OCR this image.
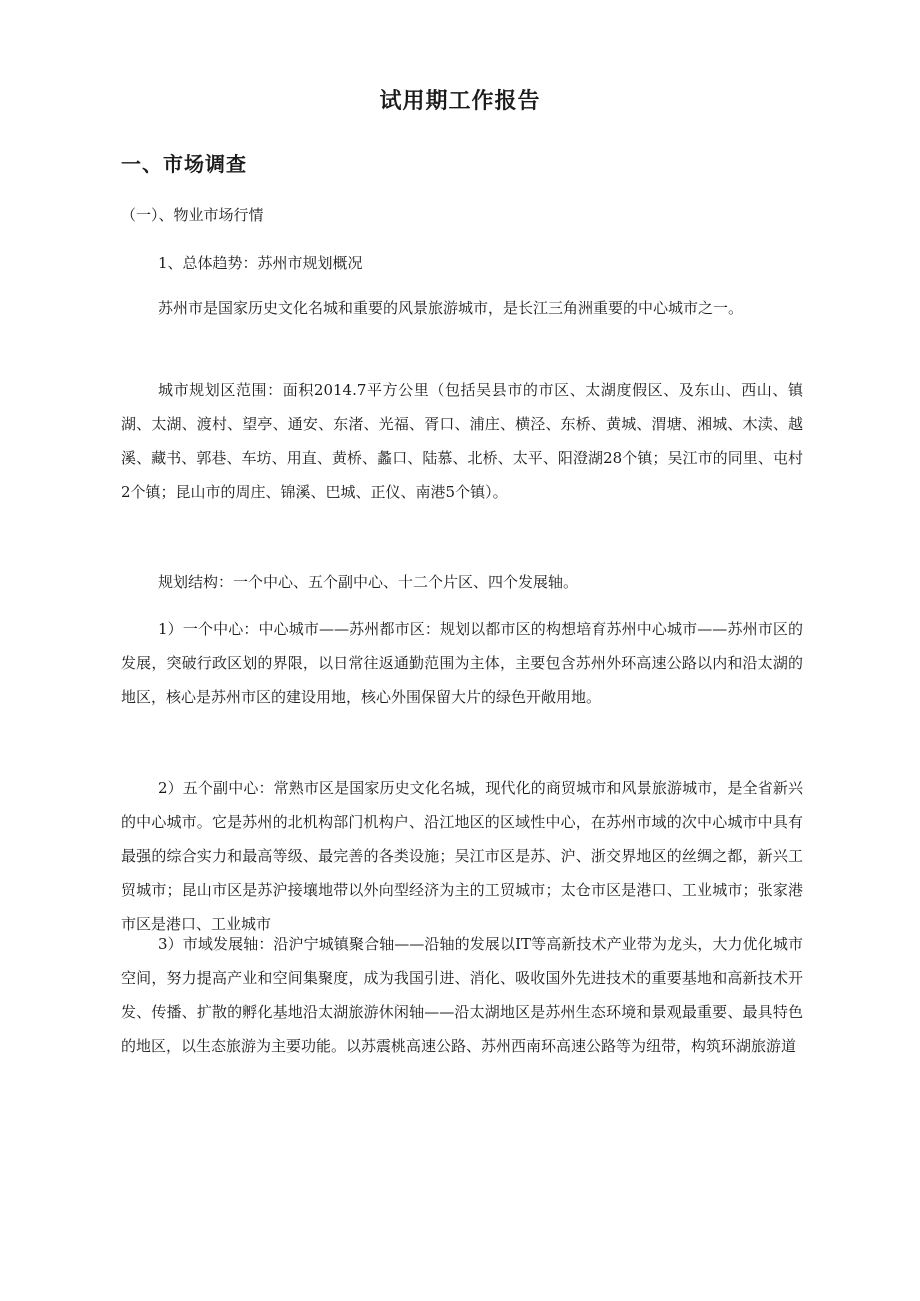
试用期工作报告
一、市场调查

（一）、物业市场行情

1、总体趋势：苏州市规划概况

苏州市是国家历史文化名城和重要的风景旅游城市，是长江三角洲重要的中心城市之一。

城市规划区范围：面积2014.7平方公里（包括吴县市的市区、太湖度假区、及东山、西山、镇湖、太湖、渡村、望亭、通安、东渚、光福、胥口、浦庄、横泾、东桥、黄城、渭塘、湘城、木渎、越溪、藏书、郭巷、车坊、用直、黄桥、蠡口、陆慕、北桥、太平、阳澄湖28个镇；吴江市的同里、屯村2个镇；昆山市的周庄、锦溪、巴城、正仪、南港5个镇）。

规划结构：一个中心、五个副中心、十二个片区、四个发展轴。

1）一个中心：中心城市——苏州都市区：规划以都市区的构想培育苏州中心城市——苏州市区的发展，突破行政区划的界限，以日常往返通勤范围为主体，主要包含苏州外环高速公路以内和沿太湖的地区，核心是苏州市区的建设用地，核心外围保留大片的绿色开敞用地。

2）五个副中心：常熟市区是国家历史文化名城，现代化的商贸城市和风景旅游城市，是全省新兴的中心城市。它是苏州的北机构部门机构户、沿江地区的区域性中心，在苏州市域的次中心城市中具有最强的综合实力和最高等级、最完善的各类设施；吴江市区是苏、沪、浙交界地区的丝绸之都，新兴工贸城市；昆山市区是苏沪接壤地带以外向型经济为主的工贸城市；太仓市区是港口、工业城市；张家港市区是港口、工业城市

3）市域发展轴：沿沪宁城镇聚合轴——沿轴的发展以IT等高新技术产业带为龙头，大力优化城市空间，努力提高产业和空间集聚度，成为我国引进、消化、吸收国外先进技术的重要基地和高新技术开发、传播、扩散的孵化基地沿太湖旅游休闲轴——沿太湖地区是苏州生态环境和景观最重要、最具特色的地区，以生态旅游为主要功能。以苏震桃高速公路、苏州西南环高速公路等为纽带，构筑环湖旅游道
